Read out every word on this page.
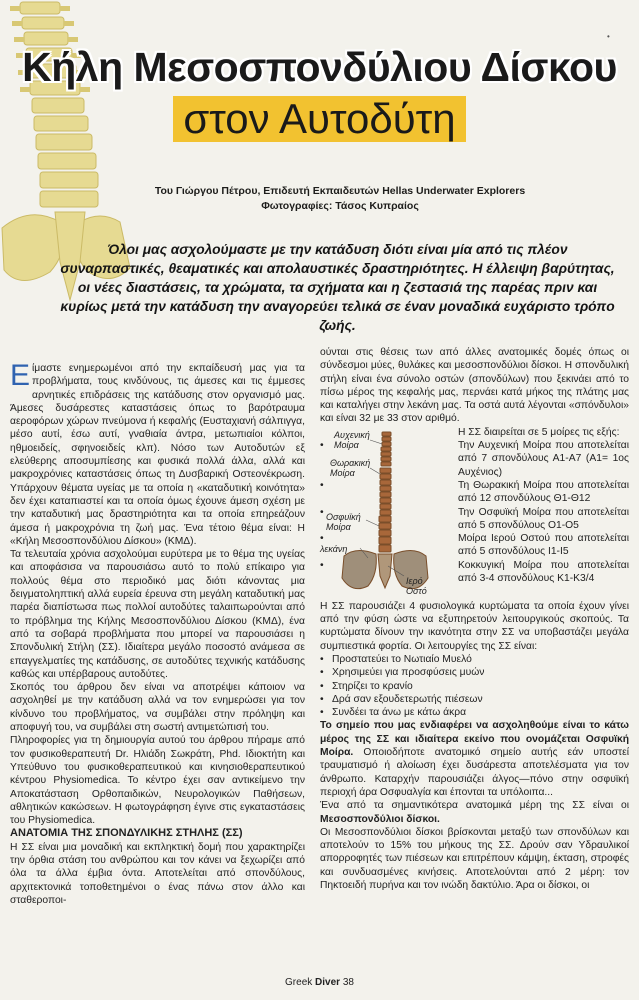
•
Κήλη Μεσοσπονδύλιου Δίσκου
στον Αυτοδύτη
Του Γιώργου Πέτρου, Επιδευτή Εκπαιδευτών Hellas Underwater Explorers
Φωτογραφίες: Τάσος Κυπραίος
Όλοι μας ασχολούμαστε με την κατάδυση διότι είναι μία από τις πλέον συναρπαστικές, θεαματικές και απολαυστικές δραστηριότητες. Η έλλειψη βαρύτητας, οι νέες διαστάσεις, τα χρώματα, τα σχήματα και η ζεστασιά της παρέας πριν και κυρίως μετά την κατάδυση την αναγορεύει τελικά σε έναν μοναδικά ευχάριστο τρόπο ζωής.

Είμαστε ενημερωμένοι από την εκπαίδευσή μας για τα προβλήματα, τους κινδύνους, τις άμεσες και τις έμμεσες αρνητικές επιδράσεις της κατάδυσης στον οργανισμό μας. Άμεσες δυσάρεστες καταστάσεις όπως το βαρότραυμα αεροφόρων χώρων πνεύμονα ή κεφαλής (Ευσταχιανή σάλπιγγα, μέσο αυτί, έσω αυτί, γναθιαία άντρα, μετωπιαίοι κόλποι, ηθμοειδείς, σφηνοειδείς κλπ). Νόσο των Αυτοδυτών εξ ελεύθερης αποσυμπίεσης και φυσικά πολλά άλλα, αλλά και μακροχρόνιες καταστάσεις όπως τη Δυσβαρική Οστεονέκρωση. Υπάρχουν θέματα υγείας με τα οποία η «καταδυτική κοινότητα» δεν έχει καταπιαστεί και τα οποία όμως έχουνε άμεση σχέση με την καταδυτική μας δραστηριότητα και τα οποία επηρεάζουν άμεσα ή μακροχρόνια τη ζωή μας. Ένα τέτοιο θέμα είναι: Η «Κήλη Μεσοσπονδύλιου Δίσκου» (ΚΜΔ).

Τα τελευταία χρόνια ασχολούμαι ευρύτερα με το θέμα της υγείας και αποφάσισα να παρουσιάσω αυτό το πολύ επίκαιρο για πολλούς θέμα στο περιοδικό μας διότι κάνοντας μια δειγματοληπτική αλλά ευρεία έρευνα στη μεγάλη καταδυτική μας παρέα διαπίστωσα πως πολλοί αυτοδύτες ταλαιπωρούνται από το πρόβλημα της Κήλης Μεσοσπονδύλιου Δίσκου (ΚΜΔ), ένα από τα σοβαρά προβλήματα που μπορεί να παρουσιάσει η Σπονδυλική Στήλη (ΣΣ). Ιδιαίτερα μεγάλο ποσοστό ανάμεσα σε επαγγελματίες της κατάδυσης, σε αυτοδύτες τεχνικής κατάδυσης καθώς και υπέρβαρους αυτοδύτες.

Σκοπός του άρθρου δεν είναι να αποτρέψει κάποιον να ασχοληθεί με την κατάδυση αλλά να τον ενημερώσει για τον κίνδυνο του προβλήματος, να συμβάλει στην πρόληψη και αποφυγή του, να συμβάλει στη σωστή αντιμετώπισή του.

Πληροφορίες για τη δημιουργία αυτού του άρθρου πήραμε από τον φυσικοθεραπευτή Dr. Ηλιάδη Σωκράτη, Phd. Ιδιοκτήτη και Υπεύθυνο του φυσικοθεραπευτικού και κινησιοθεραπευτικού κέντρου Physiomedica. Το κέντρο έχει σαν αντικείμενο την Αποκατάσταση Ορθοπαιδικών, Νευρολογικών Παθήσεων, αθλητικών κακώσεων. Η φωτογράφηση έγινε στις εγκαταστάσεις του Physiomedica.

ΑΝΑΤΟΜΙΑ ΤΗΣ ΣΠΟΝΔΥΛΙΚΗΣ ΣΤΗΛΗΣ (ΣΣ)

Η ΣΣ είναι μια μοναδική και εκπληκτική δομή που χαρακτηρίζει την όρθια στάση του ανθρώπου και τον κάνει να ξεχωρίζει από όλα τα άλλα έμβια όντα. Αποτελείται από σπονδύλους, αρχιτεκτονικά τοποθετημένοι ο ένας πάνω στον άλλο και σταθεροποι-

ούνται στις θέσεις των από άλλες ανατομικές δομές όπως οι σύνδεσμοι μύες, θυλάκες και μεσοσπονδύλιοι δίσκοι. Η σπονδυλική στήλη είναι ένα σύνολο οστών (σπονδύλων) που ξεκινάει από το πίσω μέρος της κεφαλής μας, περνάει κατά μήκος της πλάτης μας και καταλήγει στην λεκάνη μας. Τα οστά αυτά λέγονται «σπόνδυλοι» και είναι 32 με 33 στον αριθμό.

Αυχενική
Μοίρα
Θωρακική
Μοίρα
Οσφυϊκή
Μοίρα
λεκάνη
Ιερό
Οστό

Η ΣΣ διαιρείται σε 5 μοίρες τις εξής:

• Την Αυχενική Μοίρα που αποτελείται από 7 σπονδύλους Α1-Α7 (Α1= 1ος Αυχένιος)
• Τη Θωρακική Μοίρα που αποτελείται από 12 σπονδύλους Θ1-Θ12
• Την Οσφυϊκή Μοίρα που αποτελείται από 5 σπονδύλους Ο1-Ο5
• Μοίρα Ιερού Οστού που αποτελείται από 5 σπονδύλους Ι1-Ι5
• Κοκκυγική Μοίρα που αποτελείται από 3-4 σπονδύλους Κ1-Κ3/4

Η ΣΣ παρουσιάζει 4 φυσιολογικά κυρτώματα τα οποία έχουν γίνει από την φύση ώστε να εξυπηρετούν λειτουργικούς σκοπούς. Τα κυρτώματα δίνουν την ικανότητα στην ΣΣ να υποβαστάζει μεγάλα συμπιεστικά φορτία. Οι λειτουργίες της ΣΣ είναι:

• Προστατεύει το Νωτιαίο Μυελό
• Χρησιμεύει για προσφύσεις μυών
• Στηρίζει το κρανίο
• Δρά σαν εξουδετερωτής πιέσεων
• Συνδέει τα άνω με κάτω άκρα

Το σημείο που μας ενδιαφέρει να ασχοληθούμε είναι το κάτω μέρος της ΣΣ και ιδιαίτερα εκείνο που ονομάζεται Οσφυϊκή Μοίρα. Οποιοδήποτε ανατομικό σημείο αυτής εάν υποστεί τραυματισμό ή αλοίωση έχει δυσάρεστα αποτελέσματα για τον άνθρωπο. Καταρχήν παρουσιάζει άλγος—πόνο στην οσφυϊκή περιοχή άρα Οσφυαλγία και έπονται τα υπόλοιπα...

Ένα από τα σημαντικότερα ανατομικά μέρη της ΣΣ είναι οι Μεσοσπονδύλιοι δίσκοι.

Οι Μεσοσπονδύλιοι δίσκοι βρίσκονται μεταξύ των σπονδύλων και αποτελούν το 15% του μήκους της ΣΣ. Δρούν σαν Υδραυλικοί απορροφητές των πιέσεων και επιτρέπουν κάμψη, έκταση, στροφές και συνδυασμένες κινήσεις. Αποτελούνται από 2 μέρη: τον Πηκτοειδή πυρήνα και τον ινώδη δακτύλιο. Άρα οι δίσκοι, οι

Greek Diver 38
